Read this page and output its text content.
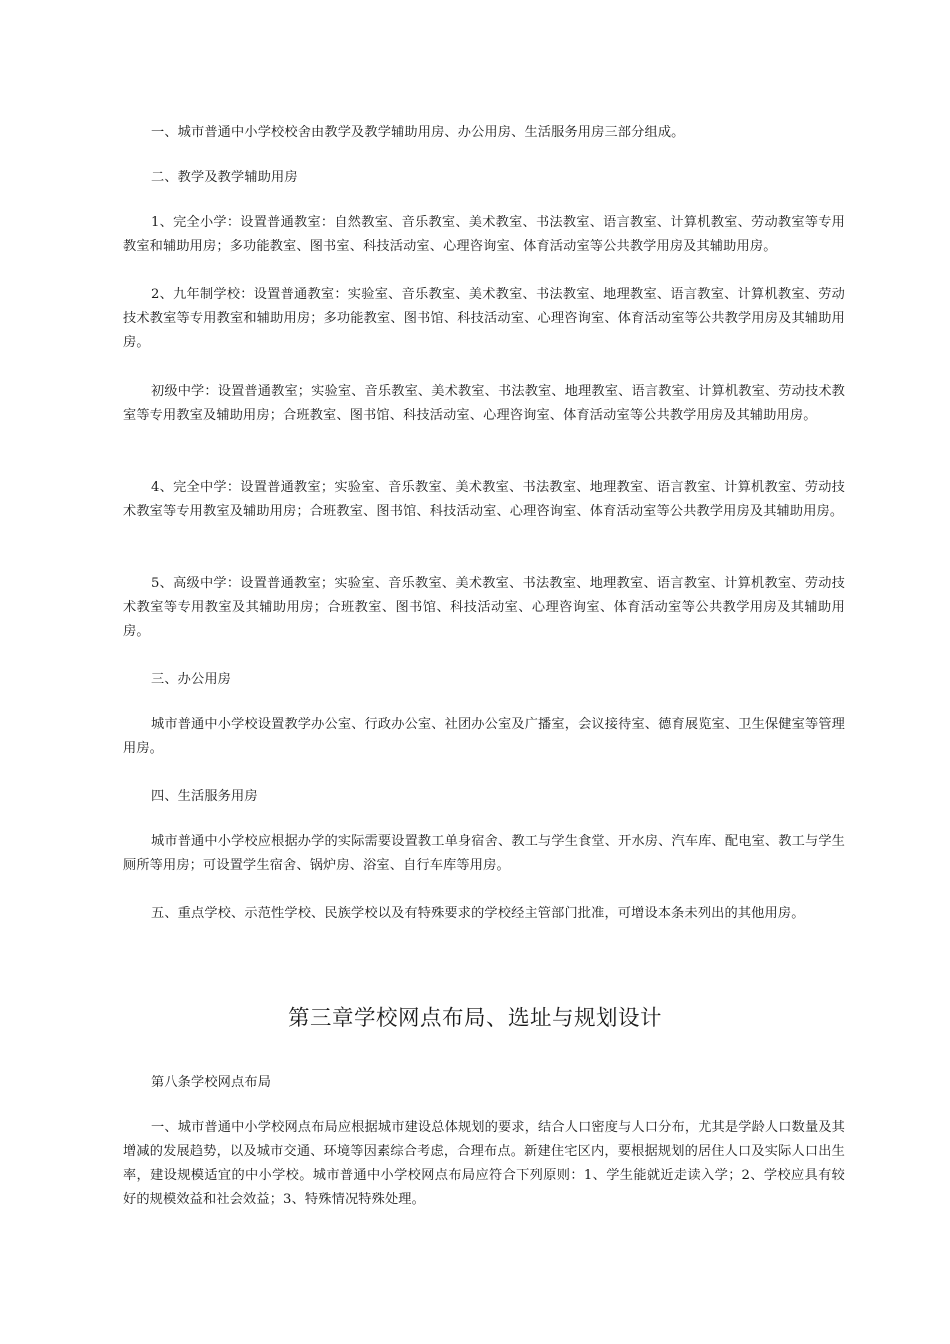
一、城市普通中小学校校舍由教学及教学辅助用房、办公用房、生活服务用房三部分组成。

二、教学及教学辅助用房

1、完全小学：设置普通教室：自然教室、音乐教室、美术教室、书法教室、语言教室、计算机教室、劳动教室等专用教室和辅助用房；多功能教室、图书室、科技活动室、心理咨询室、体育活动室等公共教学用房及其辅助用房。

2、九年制学校：设置普通教室：实验室、音乐教室、美术教室、书法教室、地理教室、语言教室、计算机教室、劳动技术教室等专用教室和辅助用房；多功能教室、图书馆、科技活动室、心理咨询室、体育活动室等公共教学用房及其辅助用房。

初级中学：设置普通教室；实验室、音乐教室、美术教室、书法教室、地理教室、语言教室、计算机教室、劳动技术教室等专用教室及辅助用房；合班教室、图书馆、科技活动室、心理咨询室、体育活动室等公共教学用房及其辅助用房。

4、完全中学：设置普通教室；实验室、音乐教室、美术教室、书法教室、地理教室、语言教室、计算机教室、劳动技术教室等专用教室及辅助用房；合班教室、图书馆、科技活动室、心理咨询室、体育活动室等公共教学用房及其辅助用房。

5、高级中学：设置普通教室；实验室、音乐教室、美术教室、书法教室、地理教室、语言教室、计算机教室、劳动技术教室等专用教室及其辅助用房；合班教室、图书馆、科技活动室、心理咨询室、体育活动室等公共教学用房及其辅助用房。

三、办公用房

城市普通中小学校设置教学办公室、行政办公室、社团办公室及广播室，会议接待室、德育展览室、卫生保健室等管理用房。

四、生活服务用房

城市普通中小学校应根据办学的实际需要设置教工单身宿舍、教工与学生食堂、开水房、汽车库、配电室、教工与学生厕所等用房；可设置学生宿舍、锅炉房、浴室、自行车库等用房。

五、重点学校、示范性学校、民族学校以及有特殊要求的学校经主管部门批准，可增设本条未列出的其他用房。

第三章学校网点布局、选址与规划设计

第八条学校网点布局

一、城市普通中小学校网点布局应根据城市建设总体规划的要求，结合人口密度与人口分布，尤其是学龄人口数量及其增减的发展趋势，以及城市交通、环境等因素综合考虑，合理布点。新建住宅区内，要根据规划的居住人口及实际人口出生率，建设规模适宜的中小学校。城市普通中小学校网点布局应符合下列原则：1、学生能就近走读入学；2、学校应具有较好的规模效益和社会效益；3、特殊情况特殊处理。
